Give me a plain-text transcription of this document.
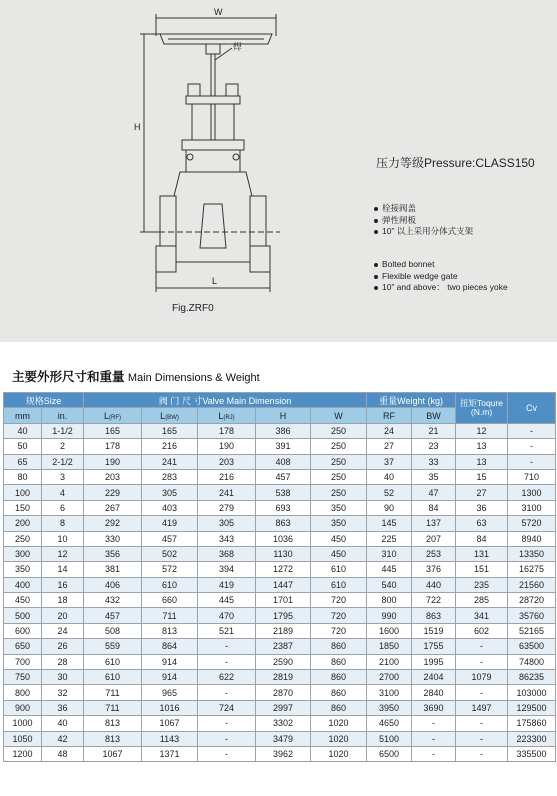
W
H
L
焊
Fig.ZRF0
压力等级Pressure:CLASS150
栓接阀盖
弹性闸板
10” 以上采用分体式支架
Bolted bonnet
Flexible wedge gate
10” and above： two pieces yoke
主要外形尺寸和重量 Main Dimensions & Weight
规格Size		阀 门 尺 寸Valve Main Dimension					重量Weight (kg)		扭矩Toqure (N.m)	Cv
mm	in.	L(RF)	L(BW)	L(RJ)	H	W	RF	BW		
40	1-1/2	165	165	178	386	250	24	21	12	-
50	2	178	216	190	391	250	27	23	13	-
65	2-1/2	190	241	203	408	250	37	33	13	-
80	3	203	283	216	457	250	40	35	15	710
100	4	229	305	241	538	250	52	47	27	1300
150	6	267	403	279	693	350	90	84	36	3100
200	8	292	419	305	863	350	145	137	63	5720
250	10	330	457	343	1036	450	225	207	84	8940
300	12	356	502	368	1130	450	310	253	131	13350
350	14	381	572	394	1272	610	445	376	151	16275
400	16	406	610	419	1447	610	540	440	235	21560
450	18	432	660	445	1701	720	800	722	285	28720
500	20	457	711	470	1795	720	990	863	341	35760
600	24	508	813	521	2189	720	1600	1519	602	52165
650	26	559	864	-	2387	860	1850	1755	-	63500
700	28	610	914	-	2590	860	2100	1995	-	74800
750	30	610	914	622	2819	860	2700	2404	1079	86235
800	32	711	965	-	2870	860	3100	2840	-	103000
900	36	711	1016	724	2997	860	3950	3690	1497	129500
1000	40	813	1067	-	3302	1020	4650	-	-	175860
1050	42	813	1143	-	3479	1020	5100	-	-	223300
1200	48	1067	1371	-	3962	1020	6500	-	-	335500
